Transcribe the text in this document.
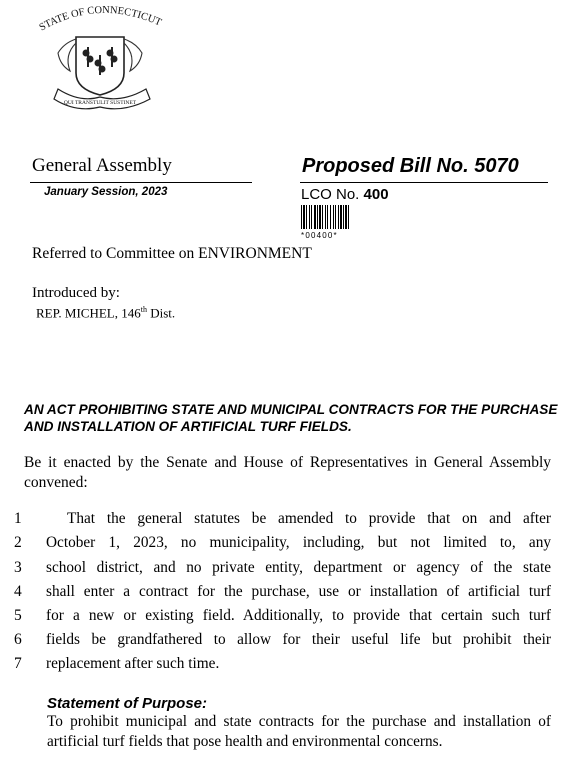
STATE OF CONNECTICUT
QUI TRANSTULIT SUSTINET
General Assembly
January Session, 2023
Proposed Bill No. 5070
LCO No. 400
*00400*
Referred to Committee on ENVIRONMENT
Introduced by:
REP. MICHEL, 146th Dist.
AN ACT PROHIBITING STATE AND MUNICIPAL CONTRACTS FOR THE PURCHASE AND INSTALLATION OF ARTIFICIAL TURF FIELDS.
Be it enacted by the Senate and House of Representatives in General Assembly convened:
1	That the general statutes be amended to provide that on and after
2	October 1, 2023, no municipality, including, but not limited to, any
3	school district, and no private entity, department or agency of the state
4	shall enter a contract for the purchase, use or installation of artificial turf
5	for a new or existing field. Additionally, to provide that certain such turf
6	fields be grandfathered to allow for their useful life but prohibit their
7	replacement after such time.
Statement of Purpose:
To prohibit municipal and state contracts for the purchase and installation of artificial turf fields that pose health and environmental concerns.
